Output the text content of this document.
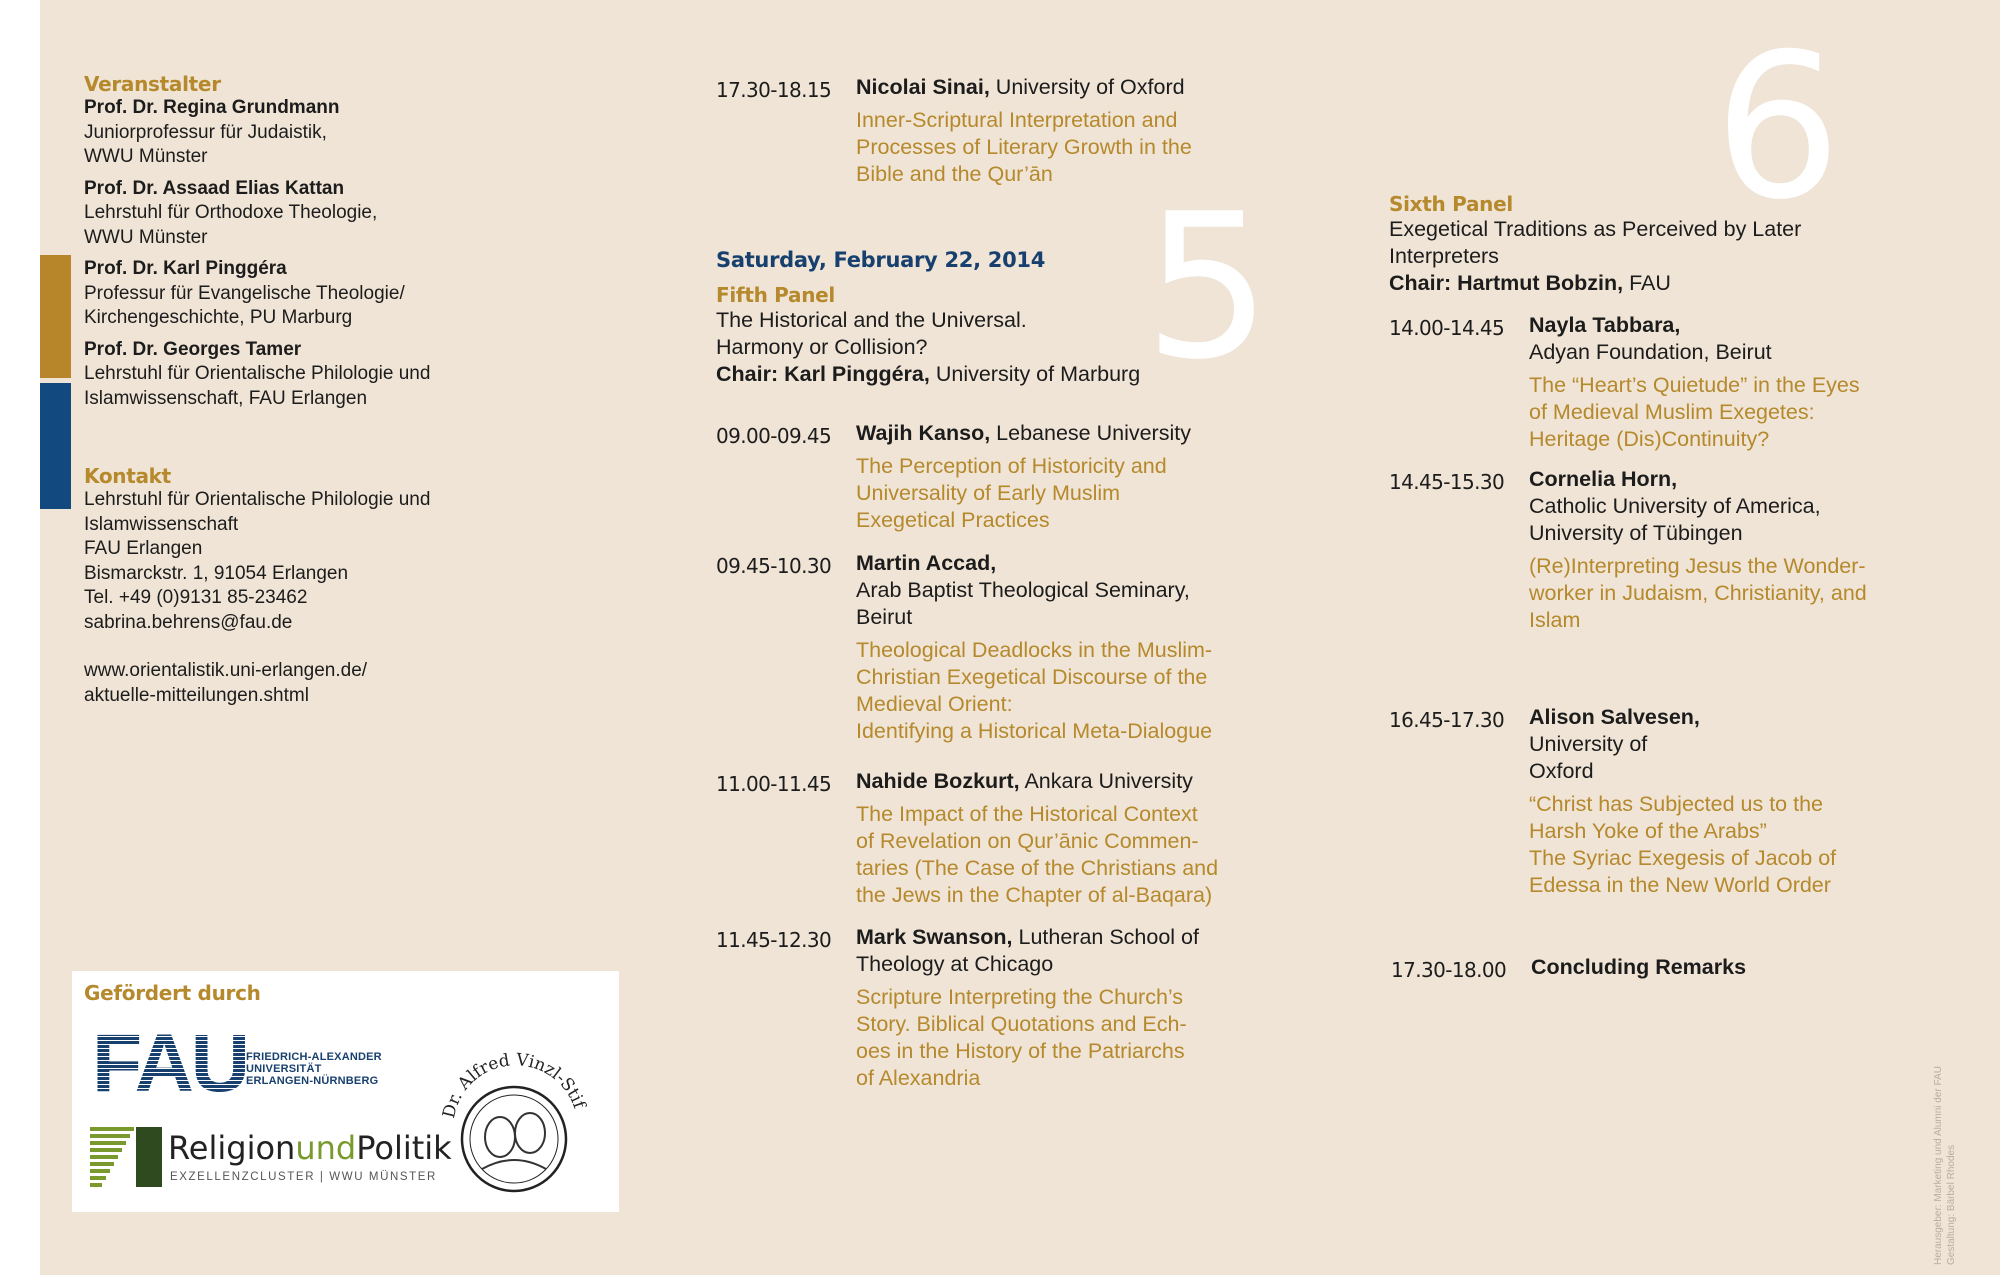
Veranstalter
Prof. Dr. Regina Grundmann
Juniorprofessur für Judaistik,
WWU Münster
Prof. Dr. Assaad Elias Kattan
Lehrstuhl für Orthodoxe Theologie,
WWU Münster
Prof. Dr. Karl Pinggéra
Professur für Evangelische Theologie/
Kirchengeschichte, PU Marburg
Prof. Dr. Georges Tamer
Lehrstuhl für Orientalische Philologie und
Islamwissenschaft, FAU Erlangen
Kontakt
Lehrstuhl für Orientalische Philologie und
Islamwissenschaft
FAU Erlangen
Bismarckstr. 1, 91054 Erlangen
Tel. +49 (0)9131 85-23462
sabrina.behrens@fau.de
www.orientalistik.uni-erlangen.de/
aktuelle-mitteilungen.shtml
17.30-18.15 Nicolai Sinai, University of Oxford
Inner-Scriptural Interpretation and
Processes of Literary Growth in the
Bible and the Qur’ān 5
6
Saturday, February 22, 2014
Fifth Panel
The Historical and the Universal.
Harmony or Collision?
Chair: Karl Pinggéra, University of Marburg
09.00-09.45 Wajih Kanso, Lebanese University
The Perception of Historicity and
Universality of Early Muslim
Exegetical Practices
09.45-10.30 Martin Accad,
Arab Baptist Theological Seminary,
Beirut
Theological Deadlocks in the Muslim-
Christian Exegetical Discourse of the
Medieval Orient:
Identifying a Historical Meta-Dialogue
11.00-11.45 Nahide Bozkurt, Ankara University
The Impact of the Historical Context
of Revelation on Qur’ānic Commen-
taries (The Case of the Christians and
the Jews in the Chapter of al-Baqara)
11.45-12.30 Mark Swanson, Lutheran School of
Theology at Chicago
Scripture Interpreting the Church’s
Story. Biblical Quotations and Ech-
oes in the History of the Patriarchs
of Alexandria
Sixth Panel
Exegetical Traditions as Perceived by Later
Interpreters
Chair: Hartmut Bobzin, FAU
14.00-14.45 Nayla Tabbara,
Adyan Foundation, Beirut
The “Heart’s Quietude” in the Eyes
of Medieval Muslim Exegetes:
Heritage (Dis)Continuity?
14.45-15.30 Cornelia Horn,
Catholic University of America,
University of Tübingen
(Re)Interpreting Jesus the Wonder-
worker in Judaism, Christianity, and
Islam
16.45-17.30 Alison Salvesen,
University of
Oxford
“Christ has Subjected us to the
Harsh Yoke of the Arabs”
The Syriac Exegesis of Jacob of
Edessa in the New World Order
17.30-18.00 Concluding Remarks
Gefördert durch
FAU FRIEDRICH-ALEXANDER
UNIVERSITÄT
ERLANGEN-NÜRNBERG
ReligionundPolitik
EXZELLENZCLUSTER | WWU MÜNSTER
r. Alfred Vinzl-Stif	Herausgeber: Marketing und Alumni der FAU Gestaltung: Bärbel Rhodes
